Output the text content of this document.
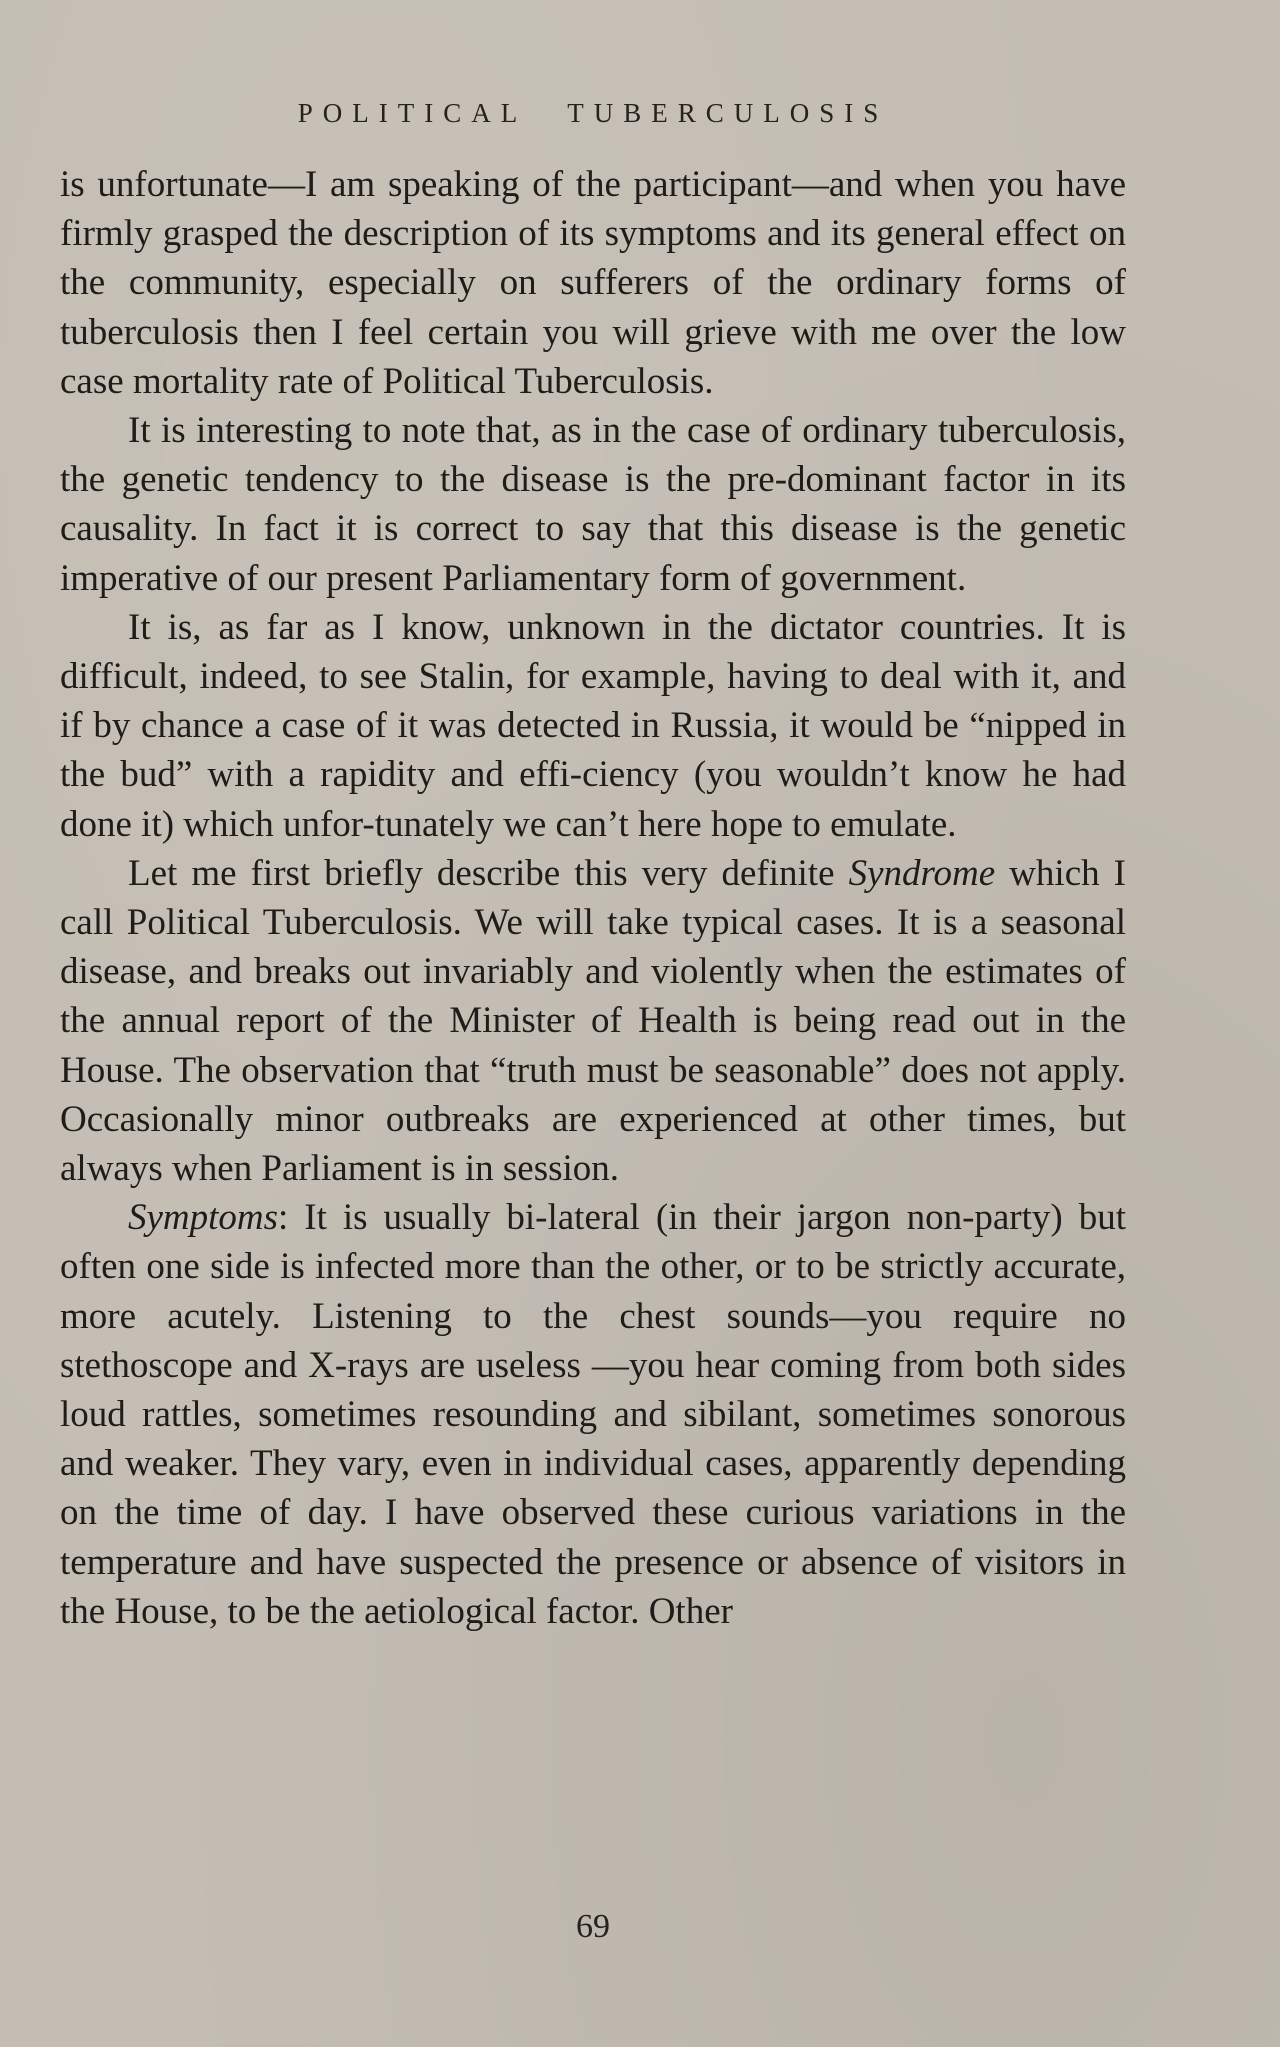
POLITICAL TUBERCULOSIS

is unfortunate—I am speaking of the participant—and when you have firmly grasped the description of its symptoms and its general effect on the community, especially on sufferers of the ordinary forms of tuberculosis then I feel certain you will grieve with me over the low case mortality rate of Political Tuberculosis.

It is interesting to note that, as in the case of ordinary tuberculosis, the genetic tendency to the disease is the pre-dominant factor in its causality. In fact it is correct to say that this disease is the genetic imperative of our present Parliamentary form of government.

It is, as far as I know, unknown in the dictator countries. It is difficult, indeed, to see Stalin, for example, having to deal with it, and if by chance a case of it was detected in Russia, it would be “nipped in the bud” with a rapidity and effi-ciency (you wouldn’t know he had done it) which unfor-tunately we can’t here hope to emulate.

Let me first briefly describe this very definite Syndrome which I call Political Tuberculosis. We will take typical cases. It is a seasonal disease, and breaks out invariably and violently when the estimates of the annual report of the Minister of Health is being read out in the House. The observation that “truth must be seasonable” does not apply. Occasionally minor outbreaks are experienced at other times, but always when Parliament is in session.

Symptoms: It is usually bi-lateral (in their jargon non-party) but often one side is infected more than the other, or to be strictly accurate, more acutely. Listening to the chest sounds—you require no stethoscope and X-rays are useless —you hear coming from both sides loud rattles, sometimes resounding and sibilant, sometimes sonorous and weaker. They vary, even in individual cases, apparently depending on the time of day. I have observed these curious variations in the temperature and have suspected the presence or absence of visitors in the House, to be the aetiological factor. Other

69
